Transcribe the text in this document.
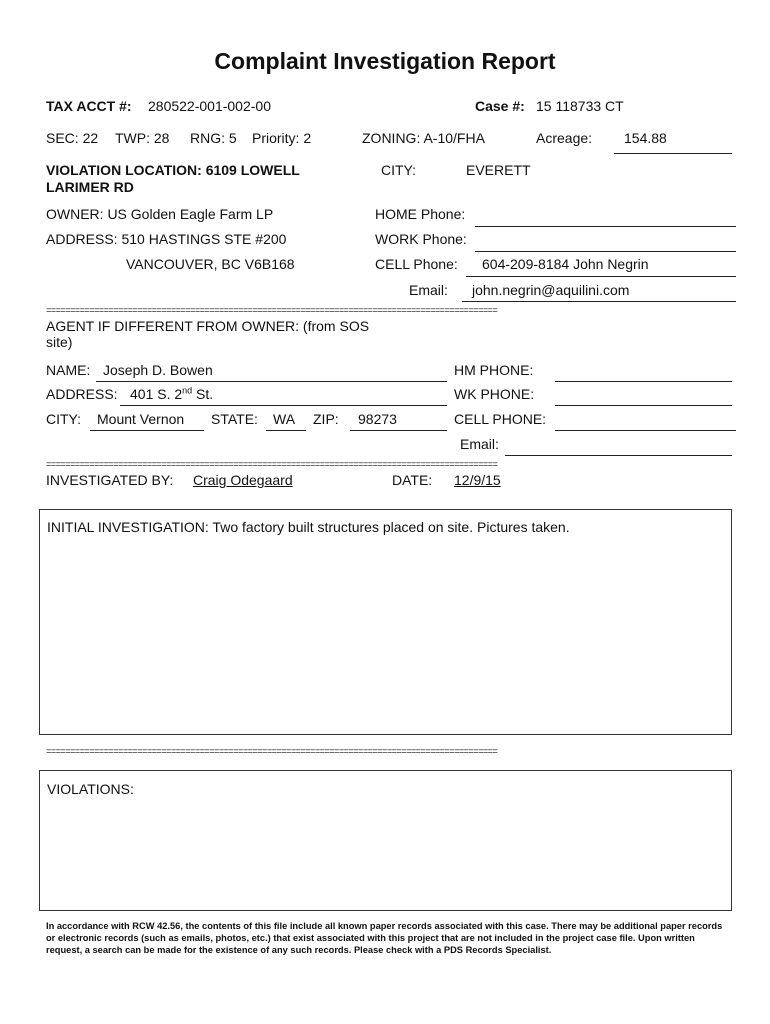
Complaint Investigation Report
TAX ACCT #: 280522-001-002-00	Case #: 15 118733 CT
SEC: 22 TWP: 28 RNG: 5 Priority: 2	ZONING: A-10/FHA	Acreage: 154.88
VIOLATION LOCATION: 6109 LOWELL
LARIMER RD
CITY:	EVERETT
OWNER: US Golden Eagle Farm LP	HOME Phone:
ADDRESS: 510 HASTINGS STE #200	WORK Phone:
VANCOUVER, BC V6B168	CELL Phone: 604-209-8184 John Negrin
Email: john.negrin@aquilini.com
==============================================================================================
AGENT IF DIFFERENT FROM OWNER: (from SOS
site)
NAME: Joseph D. Bowen	HM PHONE:
ADDRESS: 401 S. 2nd St.	WK PHONE:
CITY: Mount Vernon STATE: WA ZIP: 98273	CELL PHONE:
Email:
==============================================================================================
INVESTIGATED BY: Craig Odegaard	DATE: 12/9/15
INITIAL INVESTIGATION: Two factory built structures placed on site. Pictures taken.
==============================================================================================
VIOLATIONS:
In accordance with RCW 42.56, the contents of this file include all known paper records associated with this case. There may be additional paper records or electronic records (such as emails, photos, etc.) that exist associated with this project that are not included in the project case file. Upon written request, a search can be made for the existence of any such records. Please check with a PDS Records Specialist.
